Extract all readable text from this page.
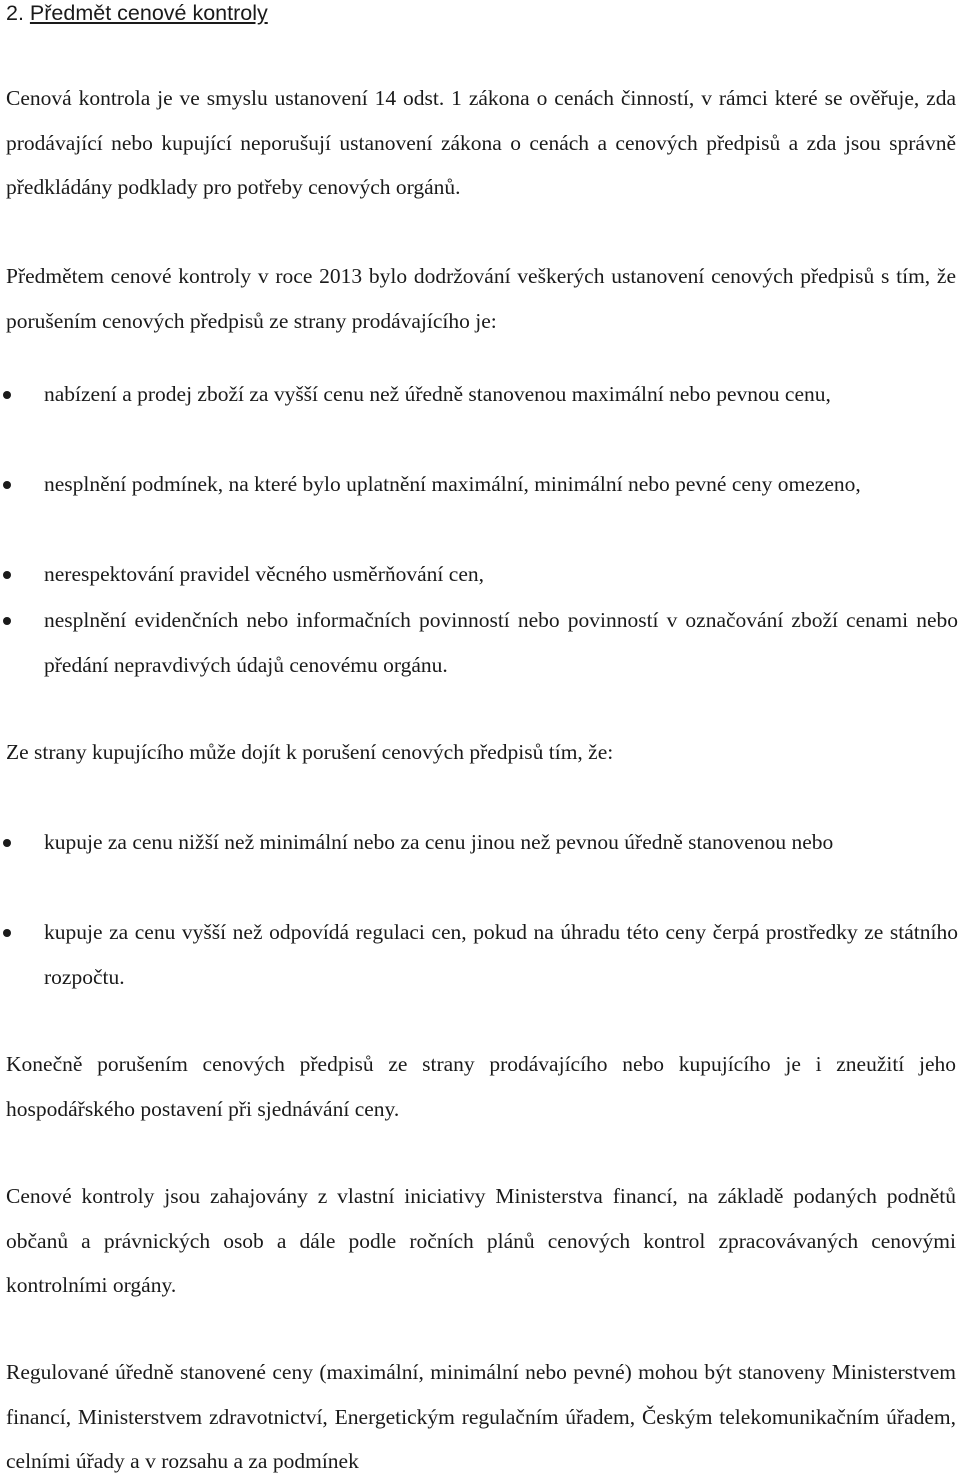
2. Předmět cenové kontroly

Cenová kontrola je ve smyslu ustanovení 14 odst. 1 zákona o cenách činností, v rámci které se ověřuje, zda prodávající nebo kupující neporušují ustanovení zákona o cenách a cenových předpisů a zda jsou správně předkládány podklady pro potřeby cenových orgánů.

Předmětem cenové kontroly v roce 2013 bylo dodržování veškerých ustanovení cenových předpisů s tím, že porušením cenových předpisů ze strany prodávajícího je:

nabízení a prodej zboží za vyšší cenu než úředně stanovenou maximální nebo pevnou cenu,
nesplnění podmínek, na které bylo uplatnění maximální, minimální nebo pevné ceny omezeno,
nerespektování pravidel věcného usměrňování cen,
nesplnění evidenčních nebo informačních povinností nebo povinností v označování zboží cenami nebo předání nepravdivých údajů cenovému orgánu.

Ze strany kupujícího může dojít k porušení cenových předpisů tím, že:

kupuje za cenu nižší než minimální nebo za cenu jinou než pevnou úředně stanovenou nebo
kupuje za cenu vyšší než odpovídá regulaci cen, pokud na úhradu této ceny čerpá prostředky ze státního rozpočtu.

Konečně porušením cenových předpisů ze strany prodávajícího nebo kupujícího je i zneužití jeho hospodářského postavení při sjednávání ceny.

Cenové kontroly jsou zahajovány z vlastní iniciativy Ministerstva financí, na základě podaných podnětů občanů a právnických osob a dále podle ročních plánů cenových kontrol zpracovávaných cenovými kontrolními orgány.

Regulované úředně stanovené ceny (maximální, minimální nebo pevné) mohou být stanoveny Ministerstvem financí, Ministerstvem zdravotnictví, Energetickým regulačním úřadem, Českým telekomunikačním úřadem, celními úřady a v rozsahu a za podmínek
